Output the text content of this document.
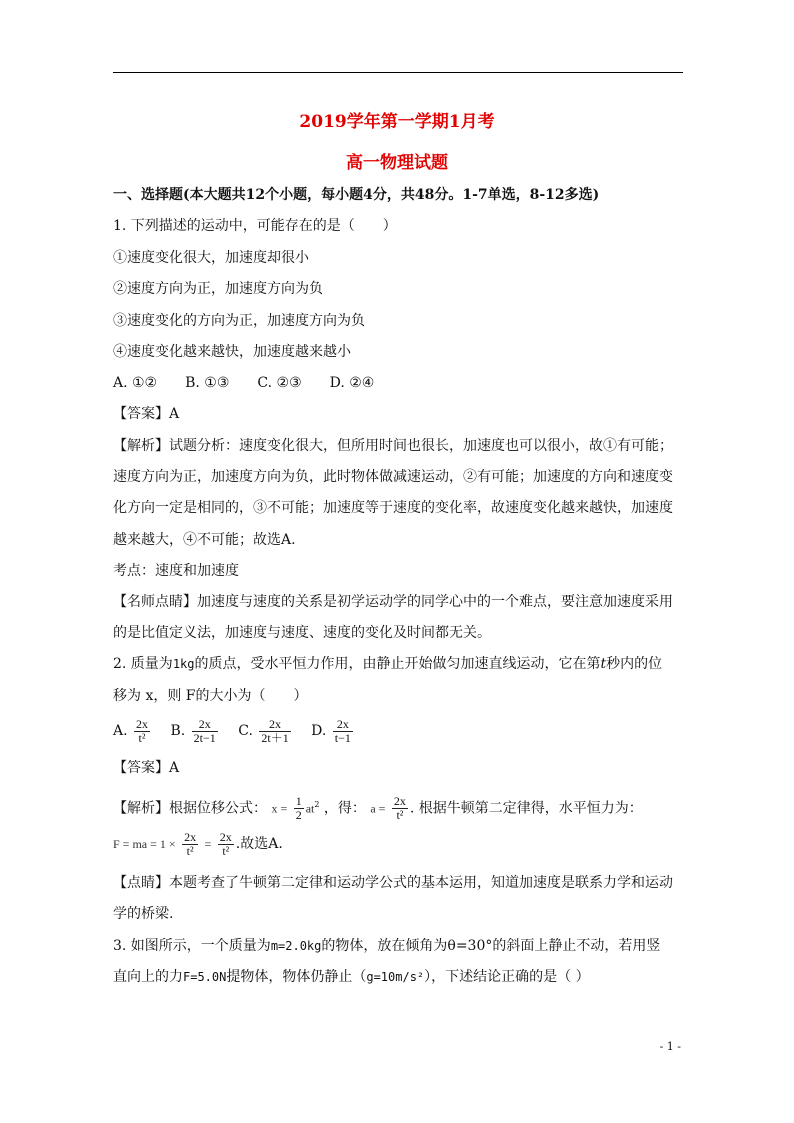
2019学年第一学期1月考
高一物理试题
一、选择题(本大题共12个小题，每小题4分，共48分。1-7单选，8-12多选)
1. 下列描述的运动中，可能存在的是（　　）
①速度变化很大，加速度却很小
②速度方向为正，加速度方向为负
③速度变化的方向为正，加速度方向为负
④速度变化越来越快，加速度越来越小
A. ①②　　B. ①③　　C. ②③　　D. ②④
【答案】A
【解析】试题分析：速度变化很大，但所用时间也很长，加速度也可以很小，故①有可能；
速度方向为正，加速度方向为负，此时物体做减速运动，②有可能；加速度的方向和速度变
化方向一定是相同的，③不可能；加速度等于速度的变化率，故速度变化越来越快，加速度
越来越大，④不可能；故选A.
考点：速度和加速度
【名师点睛】加速度与速度的关系是初学运动学的同学心中的一个难点，要注意加速度采用
的是比值定义法，加速度与速度、速度的变化及时间都无关。
2. 质量为1kg的质点，受水平恒力作用，由静止开始做匀加速直线运动，它在第t秒内的位
移为 x，则 F的大小为（　　）
A. $\frac{2x}{\text{t²}} B$. $\frac{2x}{2t-1} C$. $\frac{2x}{2t+1} D$. $\frac{2x}{t-1}$
【答案】A
【解析】根据位移公式： $x = \frac{1}{2} at^2$ ，得： $a = \frac{2x}{\text{t²}}$ . 根据牛顿第二定律得，水平恒力为：
F = ma = $1 \times \frac{2x}{\text{t²}} = \frac{2x}{\text{t²}}$ .故选A.
【点睛】本题考查了牛顿第二定律和运动学公式的基本运用，知道加速度是联系力学和运动
学的桥梁.
3. 如图所示，一个质量为m=2.0kg的物体，放在倾角为θ=30°的斜面上静止不动，若用竖
直向上的力F=5.0N提物体，物体仍静止（g=10m/s²），下述结论正确的是（ ）
- 1 -
